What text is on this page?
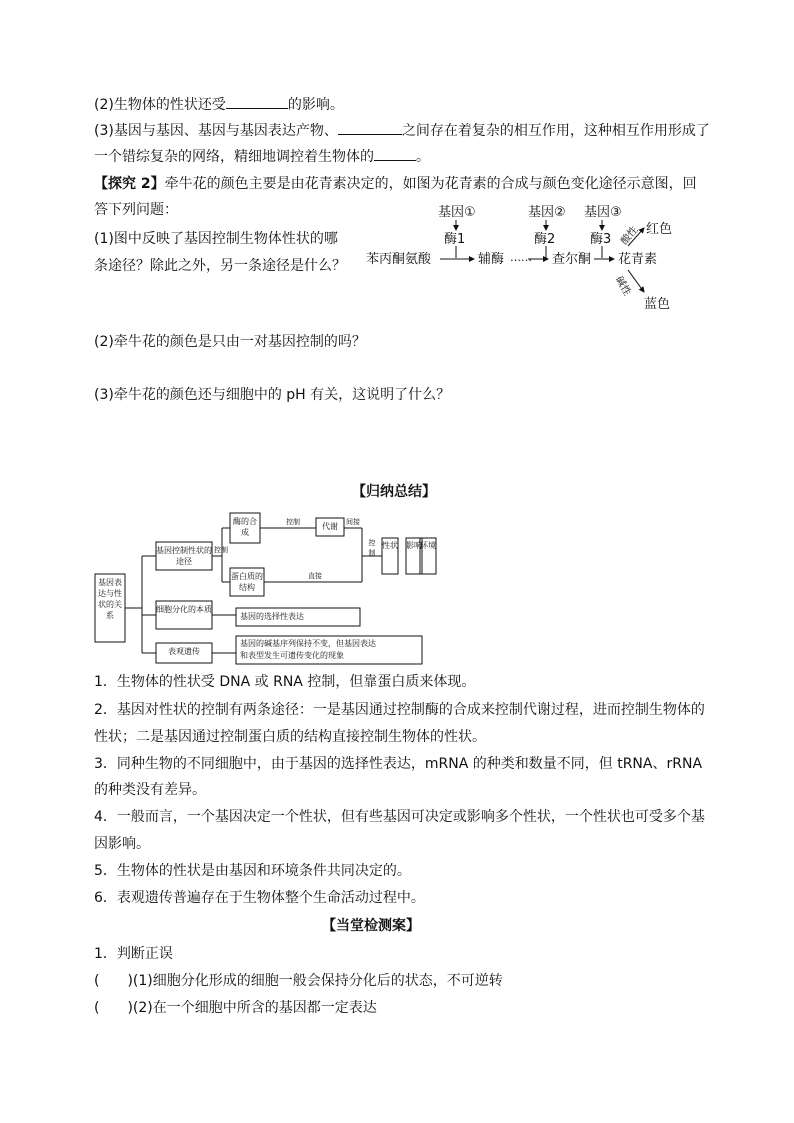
(2)生物体的性状还受	的影响。
(3)基因与基因、基因与基因表达产物、	之间存在着复杂的相互作用，这种相互作用形成了
一个错综复杂的网络，精细地调控着生物体的	。
【探究 2】牵牛花的颜色主要是由花青素决定的，如图为花青素的合成与颜色变化途径示意图，回
答下列问题：
(1)图中反映了基因控制生物体性状的哪
条途径？除此之外，另一条途径是什么？
(2)牵牛花的颜色是只由一对基因控制的吗？
(3)牵牛花的颜色还与细胞中的 pH 有关，这说明了什么？
基因①	基因② 基因③
酶1	酶2	酶3
苯丙酮氨酸	辅酶	查尔酮 花青素
红色
蓝色
……
酸性
碱性
【归纳总结】
基因表达与性状的关系
基因控制性状的途径
细胞分化的本质
表观遗传
酶的合成
代谢
蛋白质的结构
性状 影响
环境
基因的选择性表达
基因的碱基序列保持不变，但基因表达
和表型发生可遗传变化的现象
控制
控制	间接
直接
控制
1．生物体的性状受 DNA 或 RNA 控制，但靠蛋白质来体现。
2．基因对性状的控制有两条途径：一是基因通过控制酶的合成来控制代谢过程，进而控制生物体的
性状；二是基因通过控制蛋白质的结构直接控制生物体的性状。
3．同种生物的不同细胞中，由于基因的选择性表达，mRNA 的种类和数量不同，但 tRNA、rRNA
的种类没有差异。
4．一般而言，一个基因决定一个性状，但有些基因可决定或影响多个性状，一个性状也可受多个基
因影响。
5．生物体的性状是由基因和环境条件共同决定的。
6．表观遗传普遍存在于生物体整个生命活动过程中。
【当堂检测案】
1．判断正误
(　　)(1)细胞分化形成的细胞一般会保持分化后的状态，不可逆转
(　　)(2)在一个细胞中所含的基因都一定表达
